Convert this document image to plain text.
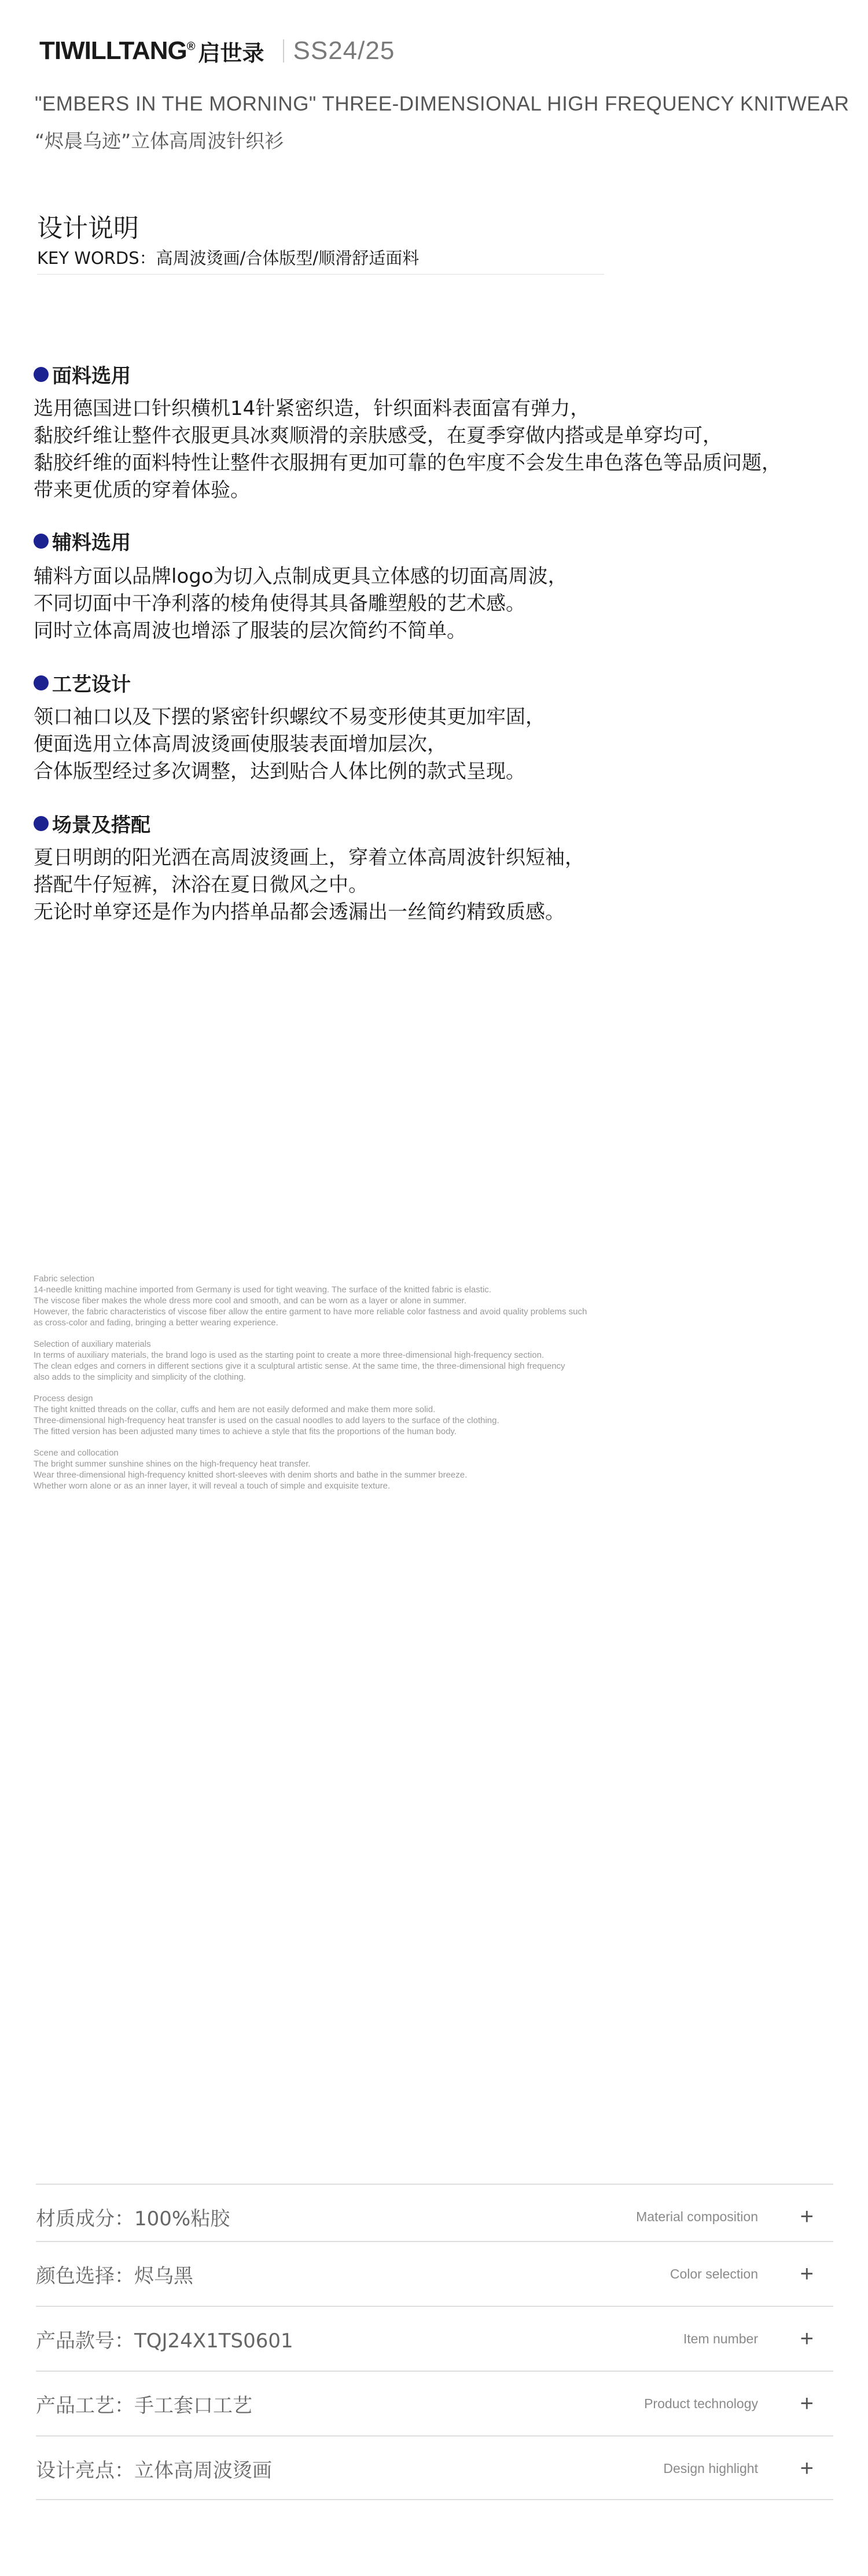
TIWILLTANG® 启世录	SS24/25
"EMBERS IN THE MORNING" THREE-DIMENSIONAL HIGH FREQUENCY KNITWEAR
“烬晨乌迹”立体高周波针织衫
设计说明
KEY WORDS：高周波烫画/合体版型/顺滑舒适面料
面料选用
选用德国进口针织横机14针紧密织造，针织面料表面富有弹力，
黏胶纤维让整件衣服更具冰爽顺滑的亲肤感受，在夏季穿做内搭或是单穿均可，
黏胶纤维的面料特性让整件衣服拥有更加可靠的色牢度不会发生串色落色等品质问题，
带来更优质的穿着体验。
辅料选用
辅料方面以品牌logo为切入点制成更具立体感的切面高周波，
不同切面中干净利落的棱角使得其具备雕塑般的艺术感。
同时立体高周波也增添了服装的层次简约不简单。
工艺设计
领口袖口以及下摆的紧密针织螺纹不易变形使其更加牢固，
便面选用立体高周波烫画使服装表面增加层次，
合体版型经过多次调整，达到贴合人体比例的款式呈现。
场景及搭配
夏日明朗的阳光洒在高周波烫画上，穿着立体高周波针织短袖，
搭配牛仔短裤，沐浴在夏日微风之中。
无论时单穿还是作为内搭单品都会透漏出一丝简约精致质感。
Fabric selection
14-needle knitting machine imported from Germany is used for tight weaving. The surface of the knitted fabric is elastic.
The viscose fiber makes the whole dress more cool and smooth, and can be worn as a layer or alone in summer.
However, the fabric characteristics of viscose fiber allow the entire garment to have more reliable color fastness and avoid quality problems such
as cross-color and fading, bringing a better wearing experience.
Selection of auxiliary materials
In terms of auxiliary materials, the brand logo is used as the starting point to create a more three-dimensional high-frequency section.
The clean edges and corners in different sections give it a sculptural artistic sense. At the same time, the three-dimensional high frequency
also adds to the simplicity and simplicity of the clothing.
Process design
The tight knitted threads on the collar, cuffs and hem are not easily deformed and make them more solid.
Three-dimensional high-frequency heat transfer is used on the casual noodles to add layers to the surface of the clothing.
The fitted version has been adjusted many times to achieve a style that fits the proportions of the human body.
Scene and collocation
The bright summer sunshine shines on the high-frequency heat transfer.
Wear three-dimensional high-frequency knitted short-sleeves with denim shorts and bathe in the summer breeze.
Whether worn alone or as an inner layer, it will reveal a touch of simple and exquisite texture.
材质成分：100%粘胶	Material composition +
颜色选择：烬乌黑	Color selection +
产品款号：TQJ24X1TS0601	Item number +
产品工艺：手工套口工艺	Product technology +
设计亮点：立体高周波烫画	Design highlight +
